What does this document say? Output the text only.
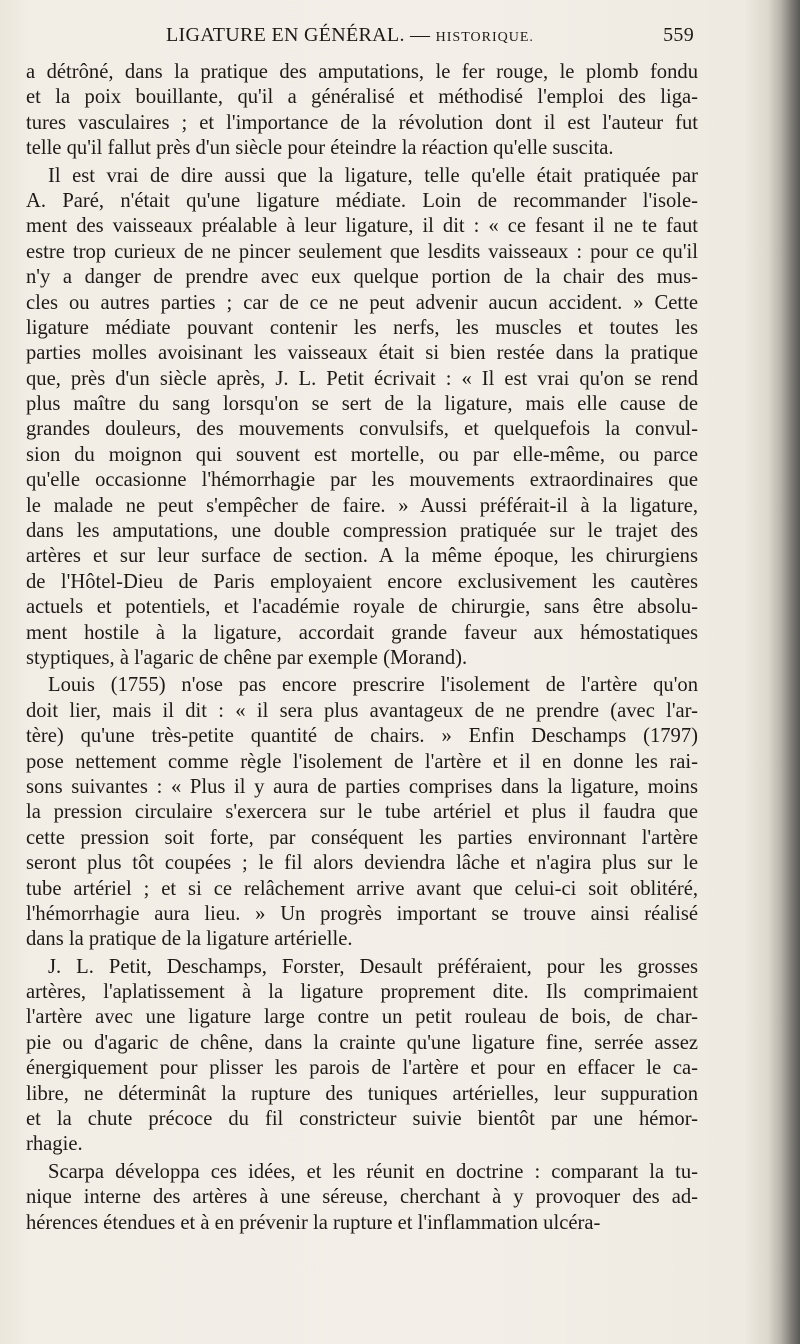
LIGATURE EN GÉNÉRAL. — HISTORIQUE.	559
a détrôné, dans la pratique des amputations, le fer rouge, le plomb fondu
et la poix bouillante, qu'il a généralisé et méthodisé l'emploi des liga-
tures vasculaires ; et l'importance de la révolution dont il est l'auteur fut
telle qu'il fallut près d'un siècle pour éteindre la réaction qu'elle suscita.
Il est vrai de dire aussi que la ligature, telle qu'elle était pratiquée par
A. Paré, n'était qu'une ligature médiate. Loin de recommander l'isole-
ment des vaisseaux préalable à leur ligature, il dit : « ce fesant il ne te faut
estre trop curieux de ne pincer seulement que lesdits vaisseaux : pour ce qu'il
n'y a danger de prendre avec eux quelque portion de la chair des mus-
cles ou autres parties ; car de ce ne peut advenir aucun accident. » Cette
ligature médiate pouvant contenir les nerfs, les muscles et toutes les
parties molles avoisinant les vaisseaux était si bien restée dans la pratique
que, près d'un siècle après, J. L. Petit écrivait : « Il est vrai qu'on se rend
plus maître du sang lorsqu'on se sert de la ligature, mais elle cause de
grandes douleurs, des mouvements convulsifs, et quelquefois la convul-
sion du moignon qui souvent est mortelle, ou par elle-même, ou parce
qu'elle occasionne l'hémorrhagie par les mouvements extraordinaires que
le malade ne peut s'empêcher de faire. » Aussi préférait-il à la ligature,
dans les amputations, une double compression pratiquée sur le trajet des
artères et sur leur surface de section. A la même époque, les chirurgiens
de l'Hôtel-Dieu de Paris employaient encore exclusivement les cautères
actuels et potentiels, et l'académie royale de chirurgie, sans être absolu-
ment hostile à la ligature, accordait grande faveur aux hémostatiques
styptiques, à l'agaric de chêne par exemple (Morand).
Louis (1755) n'ose pas encore prescrire l'isolement de l'artère qu'on
doit lier, mais il dit : « il sera plus avantageux de ne prendre (avec l'ar-
tère) qu'une très-petite quantité de chairs. » Enfin Deschamps (1797)
pose nettement comme règle l'isolement de l'artère et il en donne les rai-
sons suivantes : « Plus il y aura de parties comprises dans la ligature, moins
la pression circulaire s'exercera sur le tube artériel et plus il faudra que
cette pression soit forte, par conséquent les parties environnant l'artère
seront plus tôt coupées ; le fil alors deviendra lâche et n'agira plus sur le
tube artériel ; et si ce relâchement arrive avant que celui-ci soit oblitéré,
l'hémorrhagie aura lieu. » Un progrès important se trouve ainsi réalisé
dans la pratique de la ligature artérielle.
J. L. Petit, Deschamps, Forster, Desault préféraient, pour les grosses
artères, l'aplatissement à la ligature proprement dite. Ils comprimaient
l'artère avec une ligature large contre un petit rouleau de bois, de char-
pie ou d'agaric de chêne, dans la crainte qu'une ligature fine, serrée assez
énergiquement pour plisser les parois de l'artère et pour en effacer le ca-
libre, ne déterminât la rupture des tuniques artérielles, leur suppuration
et la chute précoce du fil constricteur suivie bientôt par une hémor-
rhagie.
Scarpa développa ces idées, et les réunit en doctrine : comparant la tu-
nique interne des artères à une séreuse, cherchant à y provoquer des ad-
hérences étendues et à en prévenir la rupture et l'inflammation ulcéra-
